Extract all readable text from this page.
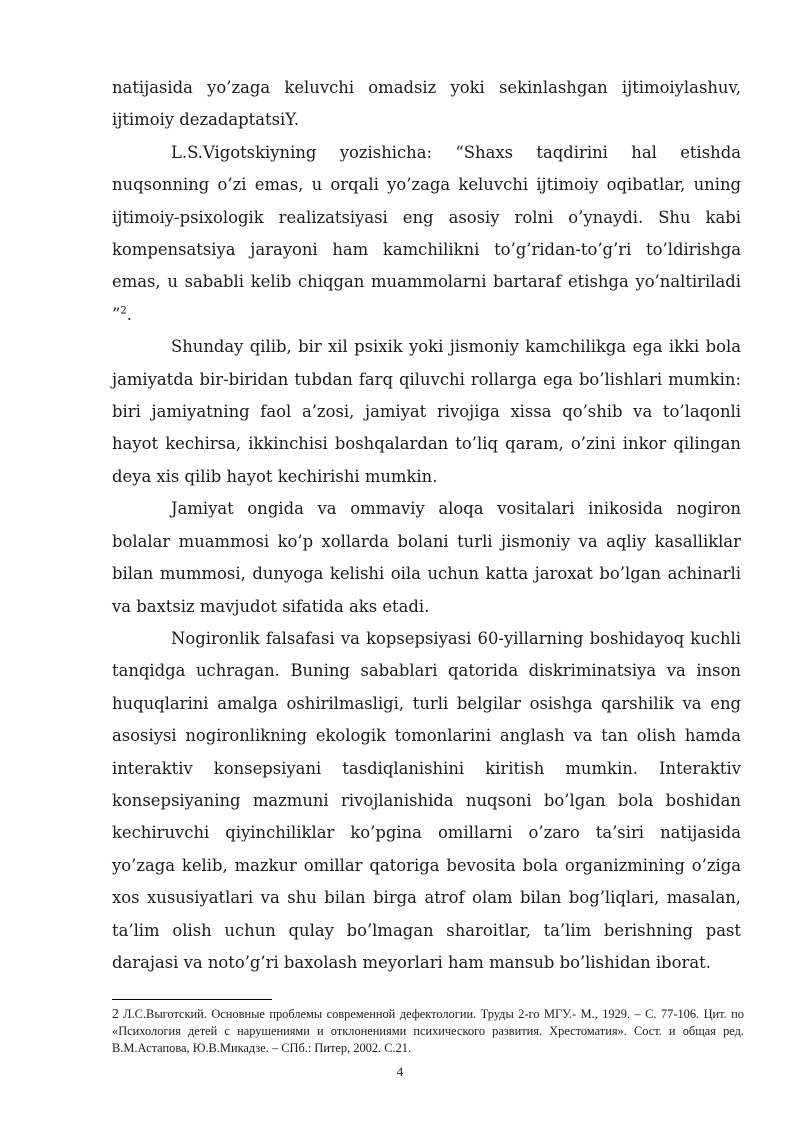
natijasida yo’zaga keluvchi omadsiz yoki sekinlashgan ijtimoiylashuv, ijtimoiy dezadaptatsiY.

L.S.Vigotskiyning yozishicha: “Shaxs taqdirini hal etishda nuqsonning o’zi emas, u orqali yo’zaga keluvchi ijtimoiy oqibatlar, uning ijtimoiy-psixologik realizatsiyasi eng asosiy rolni o’ynaydi. Shu kabi kompensatsiya jarayoni ham kamchilikni to’g’ridan-to’g’ri to’ldirishga emas, u sababli kelib chiqgan muammolarni bartaraf etishga yo’naltiriladi ”$^2$.

Shunday qilib, bir xil psixik yoki jismoniy kamchilikga ega ikki bola jamiyatda bir-biridan tubdan farq qiluvchi rollarga ega bo’lishlari mumkin: biri jamiyatning faol a’zosi, jamiyat rivojiga xissa qo’shib va to’laqonli hayot kechirsa, ikkinchisi boshqalardan to’liq qaram, o’zini inkor qilingan deya xis qilib hayot kechirishi mumkin.

Jamiyat ongida va ommaviy aloqa vositalari inikosida nogiron bolalar muammosi ko’p xollarda bolani turli jismoniy va aqliy kasalliklar bilan mummosi, dunyoga kelishi oila uchun katta jaroxat bo’lgan achinarli va baxtsiz mavjudot sifatida aks etadi.

Nogironlik falsafasi va kopsepsiyasi 60-yillarning boshidayoq kuchli tanqidga uchragan. Buning sabablari qatorida diskriminatsiya va inson huquqlarini amalga oshirilmasligi, turli belgilar osishga qarshilik va eng asosiysi nogironlikning ekologik tomonlarini anglash va tan olish hamda interaktiv konsepsiyani tasdiqlanishini kiritish mumkin. Interaktiv konsepsiyaning mazmuni rivojlanishida nuqsoni bo’lgan bola boshidan kechiruvchi qiyinchiliklar ko’pgina omillarni o’zaro ta’siri natijasida yo’zaga kelib, mazkur omillar qatoriga bevosita bola organizmining o’ziga xos xususiyatlari va shu bilan birga atrof olam bilan bog’liqlari, masalan, ta’lim olish uchun qulay bo’lmagan sharoitlar, ta’lim berishning past darajasi va noto’g’ri baxolash meyorlari ham mansub bo’lishidan iborat.

2 Л.С.Выготский. Основные проблемы современной дефектологии. Труды 2-го МГУ.- М., 1929. – С. 77-106. Цит. по «Психология детей с нарушениями и отклонениями психического развития. Хрестоматия». Сост. и общая ред. В.М.Астапова, Ю.В.Микадзе. – СПб.: Питер, 2002. С.21.
4
